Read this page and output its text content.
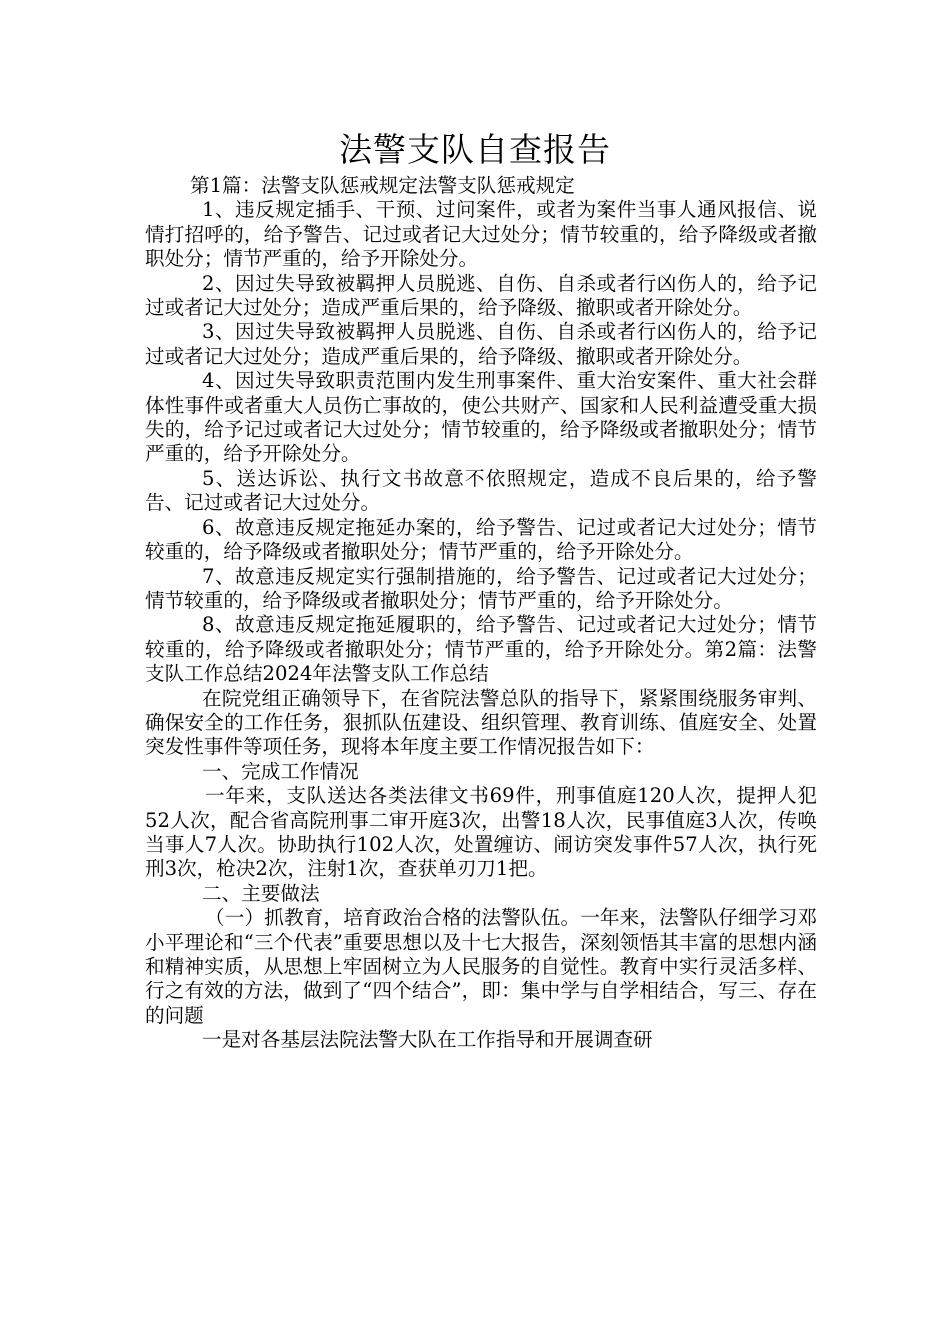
法警支队自查报告

第1篇：法警支队惩戒规定法警支队惩戒规定

1、违反规定插手、干预、过问案件，或者为案件当事人通风报信、说情打招呼的，给予警告、记过或者记大过处分；情节较重的，给予降级或者撤职处分；情节严重的，给予开除处分。

2、因过失导致被羁押人员脱逃、自伤、自杀或者行凶伤人的，给予记过或者记大过处分；造成严重后果的，给予降级、撤职或者开除处分。

3、因过失导致被羁押人员脱逃、自伤、自杀或者行凶伤人的，给予记过或者记大过处分；造成严重后果的，给予降级、撤职或者开除处分。

4、因过失导致职责范围内发生刑事案件、重大治安案件、重大社会群体性事件或者重大人员伤亡事故的，使公共财产、国家和人民利益遭受重大损失的，给予记过或者记大过处分；情节较重的，给予降级或者撤职处分；情节严重的，给予开除处分。

5、送达诉讼、执行文书故意不依照规定，造成不良后果的，给予警告、记过或者记大过处分。

6、故意违反规定拖延办案的，给予警告、记过或者记大过处分；情节较重的，给予降级或者撤职处分；情节严重的，给予开除处分。

7、故意违反规定实行强制措施的，给予警告、记过或者记大过处分；情节较重的，给予降级或者撤职处分；情节严重的，给予开除处分。

8、故意违反规定拖延履职的，给予警告、记过或者记大过处分；情节较重的，给予降级或者撤职处分；情节严重的，给予开除处分。第2篇：法警支队工作总结2024年法警支队工作总结

在院党组正确领导下，在省院法警总队的指导下，紧紧围绕服务审判、确保安全的工作任务，狠抓队伍建设、组织管理、教育训练、值庭安全、处置突发性事件等项任务，现将本年度主要工作情况报告如下：

一、完成工作情况

一年来，支队送达各类法律文书69件，刑事值庭120人次，提押人犯52人次，配合省高院刑事二审开庭3次，出警18人次，民事值庭3人次，传唤当事人7人次。协助执行102人次，处置缠访、闹访突发事件57人次，执行死刑3次，枪决2次，注射1次，查获单刃刀1把。

二、主要做法

（一）抓教育，培育政治合格的法警队伍。一年来，法警队仔细学习邓小平理论和“三个代表”重要思想以及十七大报告，深刻领悟其丰富的思想内涵和精神实质，从思想上牢固树立为人民服务的自觉性。教育中实行灵活多样、行之有效的方法，做到了“四个结合”，即：集中学与自学相结合，写三、存在的问题

一是对各基层法院法警大队在工作指导和开展调查研
